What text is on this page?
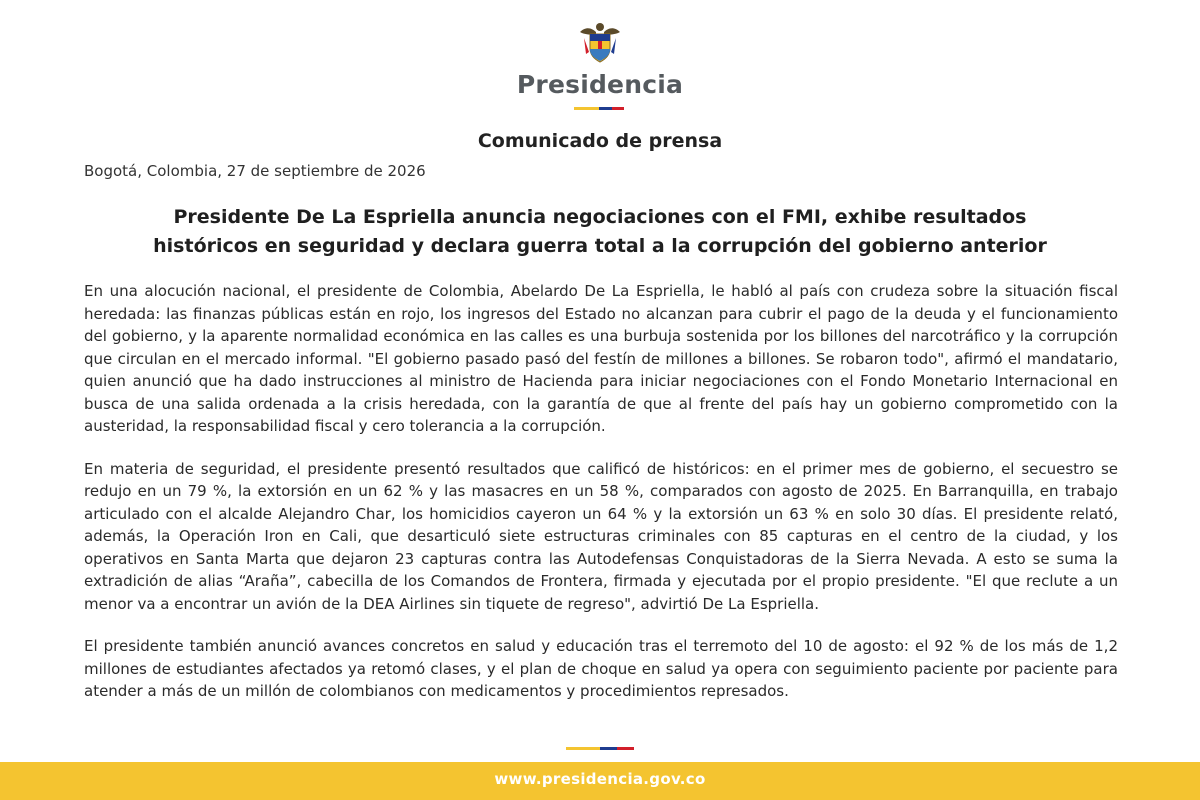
Presidencia
Comunicado de prensa
Bogotá, Colombia, 27 de septiembre de 2026
Presidente De La Espriella anuncia negociaciones con el FMI, exhibe resultados
históricos en seguridad y declara guerra total a la corrupción del gobierno anterior

En una alocución nacional, el presidente de Colombia, Abelardo De La Espriella, le habló al país con crudeza sobre la situación fiscal heredada: las finanzas públicas están en rojo, los ingresos del Estado no alcanzan para cubrir el pago de la deuda y el funcionamiento del gobierno, y la aparente normalidad económica en las calles es una burbuja sostenida por los billones del narcotráfico y la corrupción que circulan en el mercado informal. "El gobierno pasado pasó del festín de millones a billones. Se robaron todo", afirmó el mandatario, quien anunció que ha dado instrucciones al ministro de Hacienda para iniciar negociaciones con el Fondo Monetario Internacional en busca de una salida ordenada a la crisis heredada, con la garantía de que al frente del país hay un gobierno comprometido con la austeridad, la responsabilidad fiscal y cero tolerancia a la corrupción.

En materia de seguridad, el presidente presentó resultados que calificó de históricos: en el primer mes de gobierno, el secuestro se redujo en un 79 %, la extorsión en un 62 % y las masacres en un 58 %, comparados con agosto de 2025. En Barranquilla, en trabajo articulado con el alcalde Alejandro Char, los homicidios cayeron un 64 % y la extorsión un 63 % en solo 30 días. El presidente relató, además, la Operación Iron en Cali, que desarticuló siete estructuras criminales con 85 capturas en el centro de la ciudad, y los operativos en Santa Marta que dejaron 23 capturas contra las Autodefensas Conquistadoras de la Sierra Nevada. A esto se suma la extradición de alias “Araña”, cabecilla de los Comandos de Frontera, firmada y ejecutada por el propio presidente. "El que reclute a un menor va a encontrar un avión de la DEA Airlines sin tiquete de regreso", advirtió De La Espriella.

El presidente también anunció avances concretos en salud y educación tras el terremoto del 10 de agosto: el 92 % de los más de 1,2 millones de estudiantes afectados ya retomó clases, y el plan de choque en salud ya opera con seguimiento paciente por paciente para atender a más de un millón de colombianos con medicamentos y procedimientos represados.

www.presidencia.gov.co
